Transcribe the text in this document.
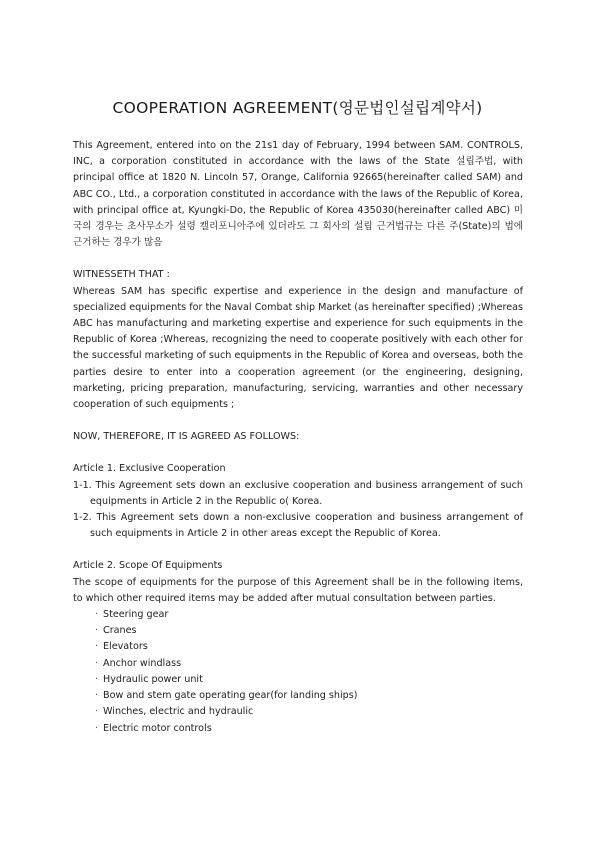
COOPERATION AGREEMENT(영문법인설립계약서)

This Agreement, entered into on the 21s1 day of February, 1994 between SAM. CONTROLS, INC, a corporation constituted in accordance with the laws of the State 설립주법, with principal office at 1820 N. Lincoln 57, Orange, California 92665(hereinafter called SAM) and ABC CO., Ltd., a corporation constituted in accordance with the laws of the Republic of Korea, with principal office at, Kyungki-Do, the Republic of Korea 435030(hereinafter called ABC) 미국의 경우는 초사무소가 설령 캘리포니아주에 있더라도 그 회사의 설립 근거법규는 다른 주(State)의 법에 근거하는 경우가 많음

WITNESSETH THAT :

Whereas SAM has specific expertise and experience in the design and manufacture of specialized equipments for the Naval Combat ship Market (as hereinafter specified) ;Whereas ABC has manufacturing and marketing expertise and experience for such equipments in the Republic of Korea ;Whereas, recognizing the need to cooperate positively with each other for the successful marketing of such equipments in the Republic of Korea and overseas, both the parties desire to enter into a cooperation agreement (or the engineering, designing, marketing, pricing preparation, manufacturing, servicing, warranties and other necessary cooperation of such equipments ;

NOW, THEREFORE, IT IS AGREED AS FOLLOWS:

Article 1. Exclusive Cooperation

1-1. This Agreement sets down an exclusive cooperation and business arrangement of such equipments in Article 2 in the Republic o( Korea.

1-2. This Agreement sets down a non-exclusive cooperation and business arrangement of such equipments in Article 2 in other areas except the Republic of Korea.

Article 2. Scope Of Equipments

The scope of equipments for the purpose of this Agreement shall be in the following items, to which other required items may be added after mutual consultation between parties.

· Steering gear
· Cranes
· Elevators
· Anchor windlass
· Hydraulic power unit
· Bow and stem gate operating gear(for landing ships)
· Winches, electric and hydraulic
· Electric motor controls
